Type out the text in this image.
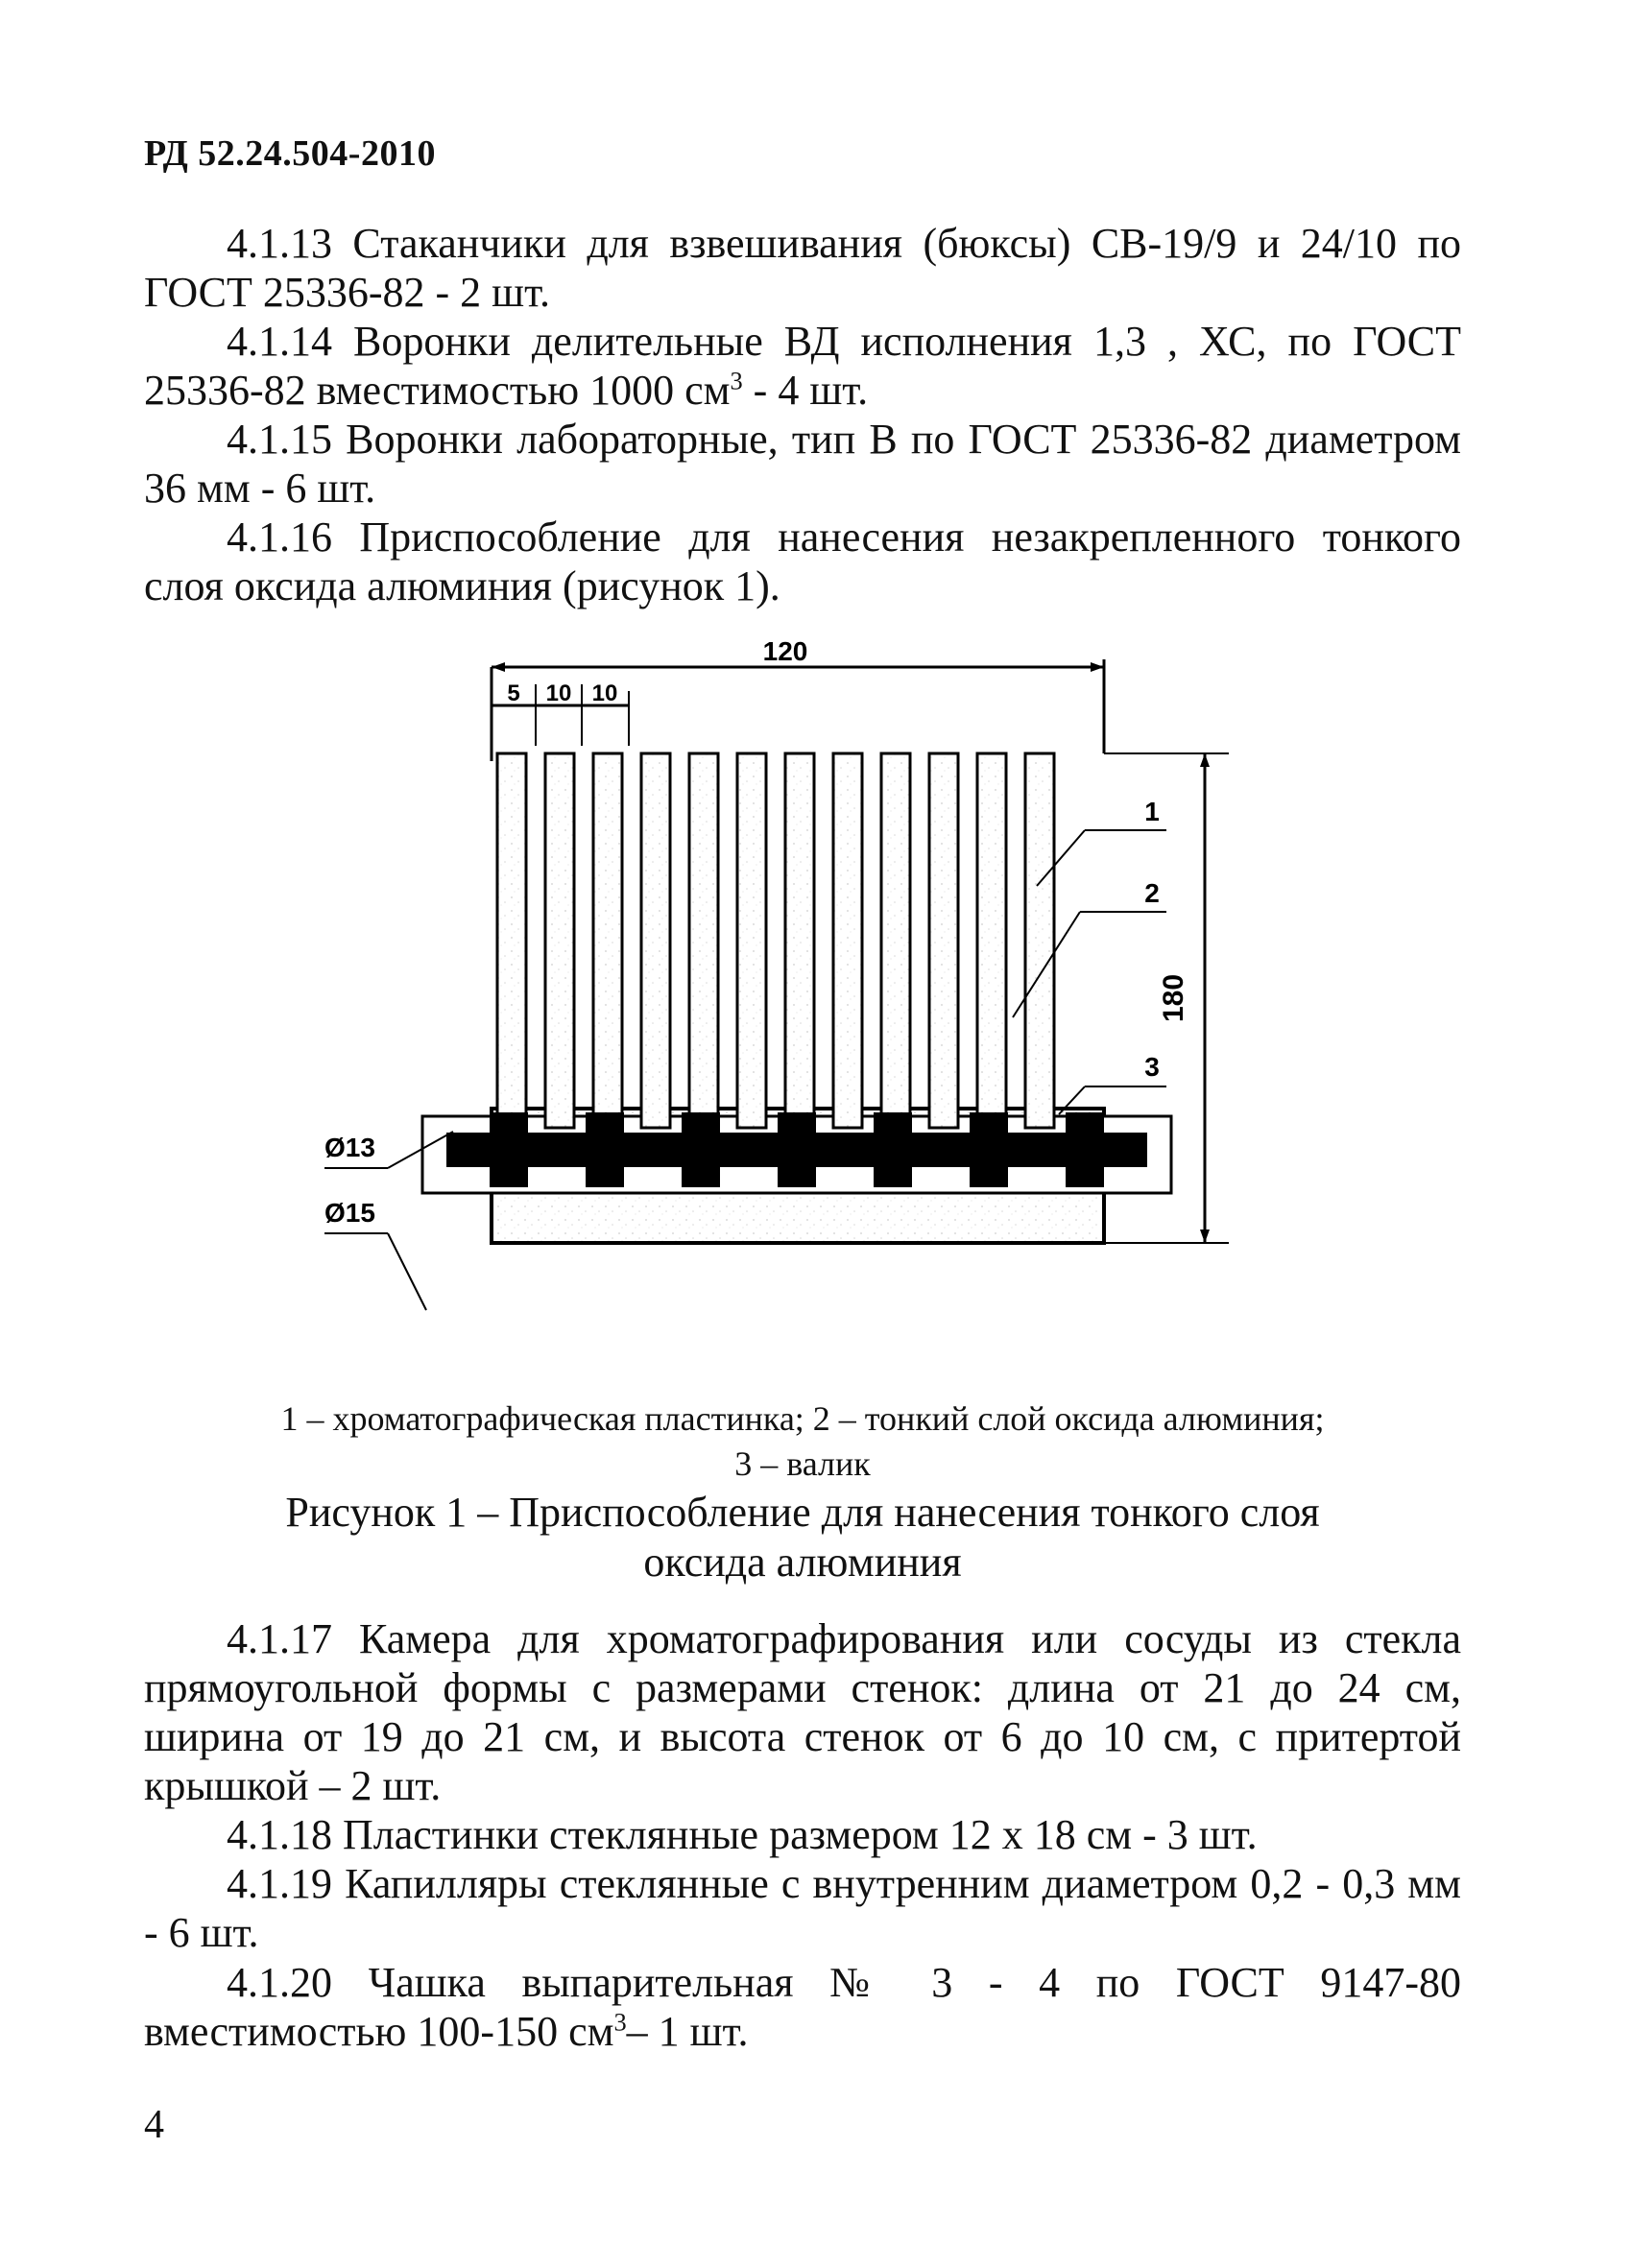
РД 52.24.504-2010

4.1.13 Стаканчики для взвешивания (бюксы) СВ-19/9 и 24/10 по ГОСТ 25336-82 - 2 шт.

4.1.14 Воронки делительные ВД исполнения 1,3 , ХС, по ГОСТ 25336-82 вместимостью 1000 $см^3 - 4$ шт.

4.1.15 Воронки лабораторные, тип В по ГОСТ 25336-82 диаметром 36 мм - 6 шт.

4.1.16 Приспособление для нанесения незакрепленного тонкого слоя оксида алюминия (рисунок 1).

120
5 10 10
180
1
2
3
Ø13
Ø15
1 – хроматографическая пластинка; 2 – тонкий слой оксида алюминия;
3 – валик
Рисунок 1 – Приспособление для нанесения тонкого слоя
оксида алюминия

4.1.17 Камера для хроматографирования или сосуды из стекла прямоугольной формы с размерами стенок: длина от 21 до 24 см, ширина от 19 до 21 см, и высота стенок от 6 до 10 см, с притертой крышкой – 2 шт.

4.1.18 Пластинки стеклянные размером 12 х 18 см - 3 шт.

4.1.19 Капилляры стеклянные с внутренним диаметром 0,2 - 0,3 мм - 6 шт.

4.1.20 Чашка выпарительная № 3 - 4 по ГОСТ 9147-80 вместимостью 100-150 $см^3-$ 1 шт.

4
